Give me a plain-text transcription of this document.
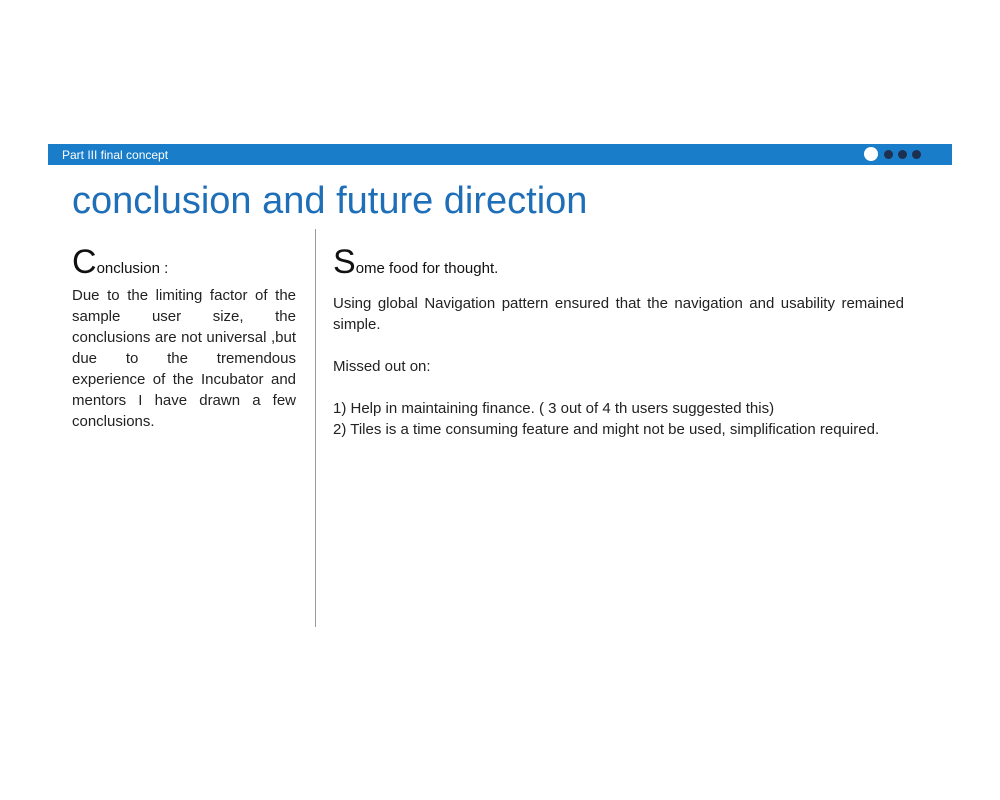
Part III final concept
conclusion and future direction

Conclusion :

Due to the limiting factor of the sample user size, the conclusions are not universal ,but due to the tremendous experience of the Incubator and mentors I have drawn a few conclusions.

Some food for thought.

Using global Navigation pattern ensured that the navigation and usability remained simple.

Missed out on:

1) Help in maintaining finance. ( 3 out of 4 th users suggested this)

2) Tiles is a time consuming feature and might not be used, simplification required.
